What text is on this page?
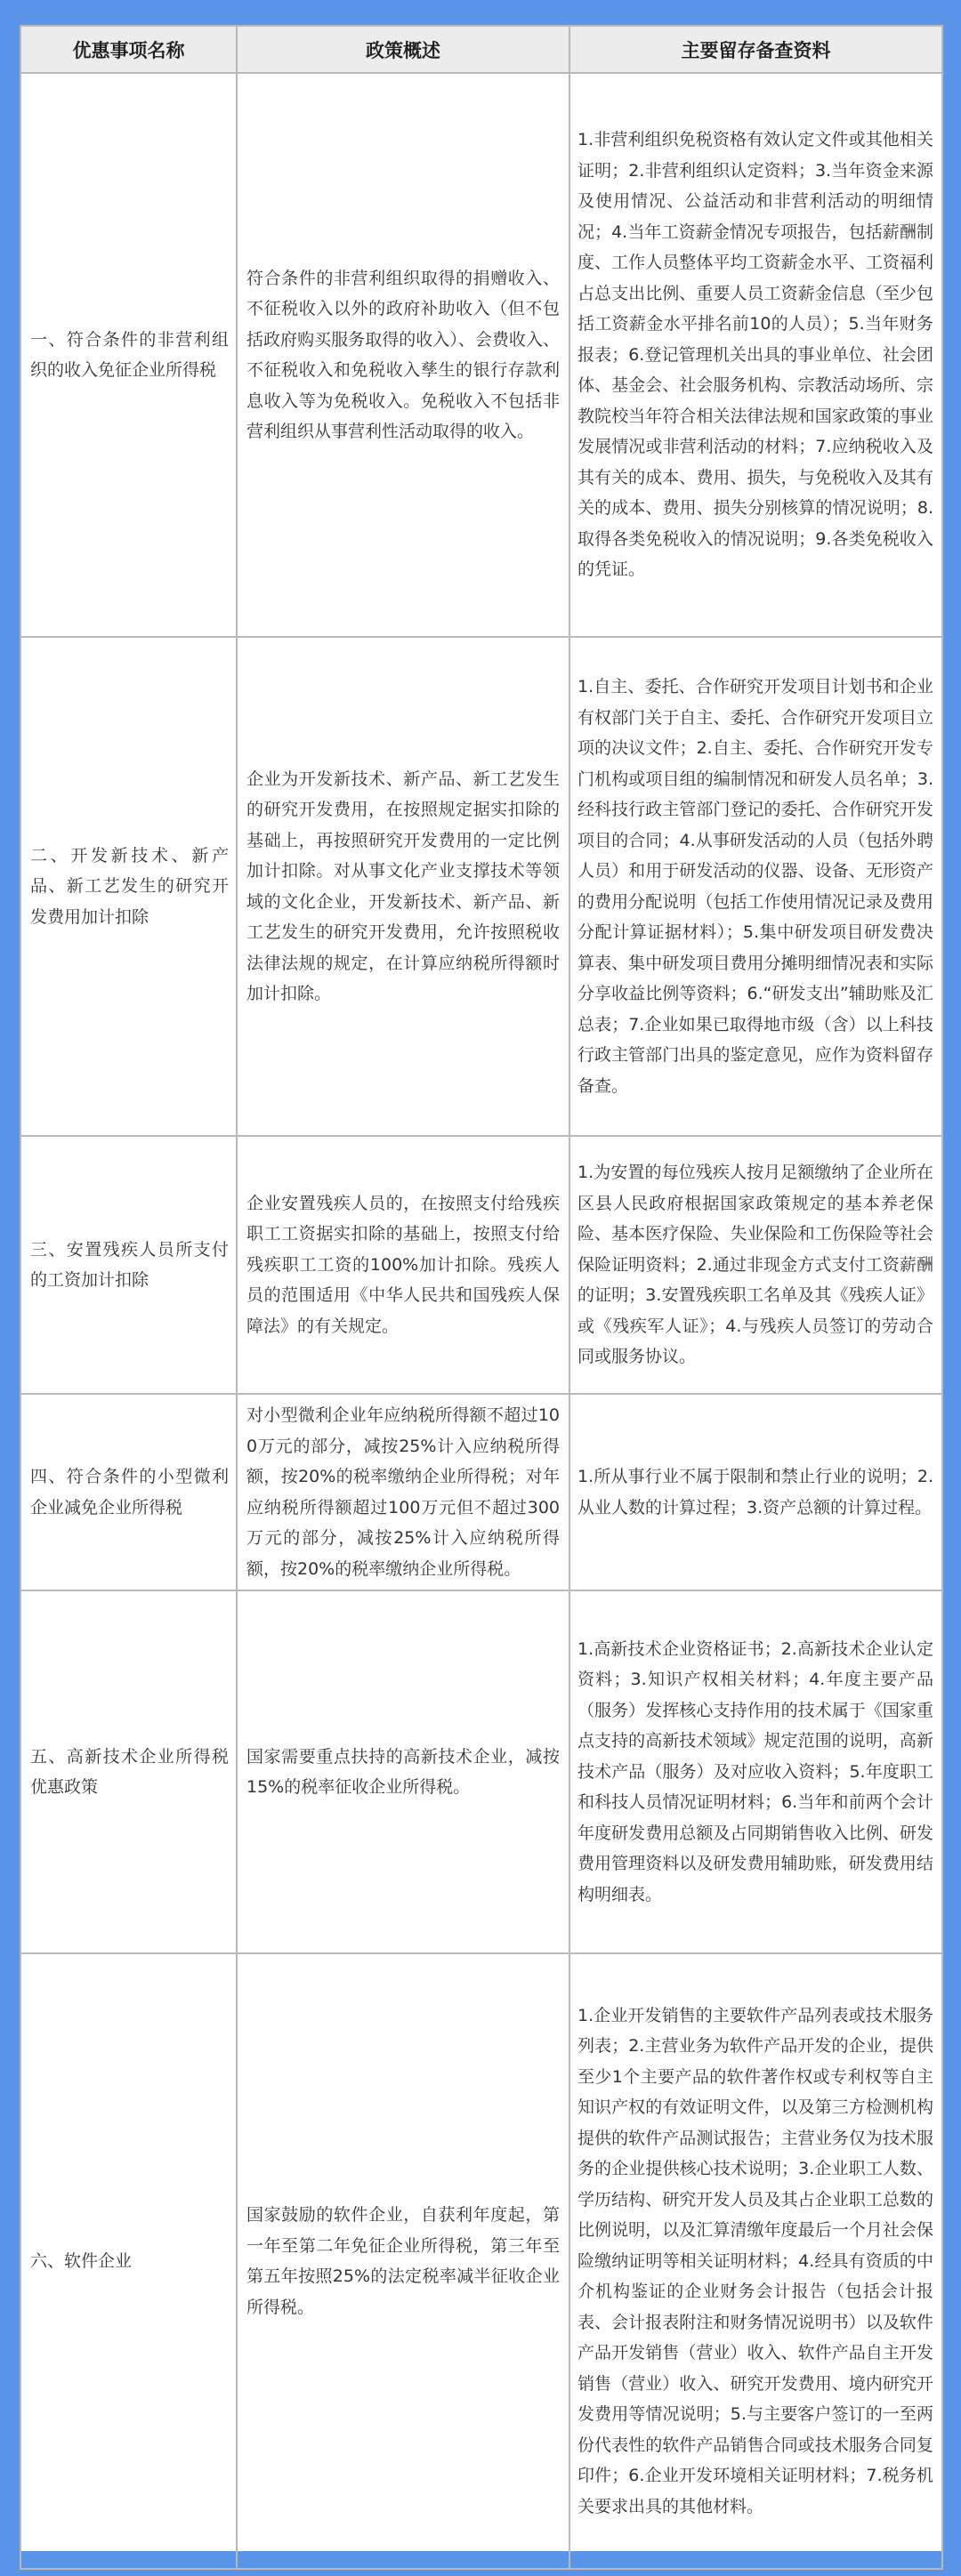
优惠事项名称	政策概述	主要留存备查资料
一、符合条件的非营利组织的收入免征企业所得税	符合条件的非营利组织取得的捐赠收入、不征税收入以外的政府补助收入（但不包括政府购买服务取得的收入）、会费收入、不征税收入和免税收入孳生的银行存款利息收入等为免税收入。免税收入不包括非营利组织从事营利性活动取得的收入。	1.非营利组织免税资格有效认定文件或其他相关证明；2.非营利组织认定资料；3.当年资金来源及使用情况、公益活动和非营利活动的明细情况；4.当年工资薪金情况专项报告，包括薪酬制度、工作人员整体平均工资薪金水平、工资福利占总支出比例、重要人员工资薪金信息（至少包括工资薪金水平排名前10的人员）；5.当年财务报表；6.登记管理机关出具的事业单位、社会团体、基金会、社会服务机构、宗教活动场所、宗教院校当年符合相关法律法规和国家政策的事业发展情况或非营利活动的材料；7.应纳税收入及其有关的成本、费用、损失，与免税收入及其有关的成本、费用、损失分别核算的情况说明；8.取得各类免税收入的情况说明；9.各类免税收入的凭证。
二、开发新技术、新产品、新工艺发生的研究开发费用加计扣除	企业为开发新技术、新产品、新工艺发生的研究开发费用，在按照规定据实扣除的基础上，再按照研究开发费用的一定比例加计扣除。对从事文化产业支撑技术等领域的文化企业，开发新技术、新产品、新工艺发生的研究开发费用，允许按照税收法律法规的规定，在计算应纳税所得额时加计扣除。	1.自主、委托、合作研究开发项目计划书和企业有权部门关于自主、委托、合作研究开发项目立项的决议文件；2.自主、委托、合作研究开发专门机构或项目组的编制情况和研发人员名单；3.经科技行政主管部门登记的委托、合作研究开发项目的合同；4.从事研发活动的人员（包括外聘人员）和用于研发活动的仪器、设备、无形资产的费用分配说明（包括工作使用情况记录及费用分配计算证据材料）；5.集中研发项目研发费决算表、集中研发项目费用分摊明细情况表和实际分享收益比例等资料；6.“研发支出”辅助账及汇总表；7.企业如果已取得地市级（含）以上科技行政主管部门出具的鉴定意见，应作为资料留存备查。
三、安置残疾人员所支付的工资加计扣除	企业安置残疾人员的，在按照支付给残疾职工工资据实扣除的基础上，按照支付给残疾职工工资的100%加计扣除。残疾人员的范围适用《中华人民共和国残疾人保障法》的有关规定。	1.为安置的每位残疾人按月足额缴纳了企业所在区县人民政府根据国家政策规定的基本养老保险、基本医疗保险、失业保险和工伤保险等社会保险证明资料；2.通过非现金方式支付工资薪酬的证明；3.安置残疾职工名单及其《残疾人证》或《残疾军人证》；4.与残疾人员签订的劳动合同或服务协议。
四、符合条件的小型微利企业减免企业所得税	对小型微利企业年应纳税所得额不超过100万元的部分，减按25%计入应纳税所得额，按20%的税率缴纳企业所得税；对年应纳税所得额超过100万元但不超过300万元的部分，减按25%计入应纳税所得额，按20%的税率缴纳企业所得税。	1.所从事行业不属于限制和禁止行业的说明；2.从业人数的计算过程；3.资产总额的计算过程。
五、高新技术企业所得税优惠政策	国家需要重点扶持的高新技术企业，减按15%的税率征收企业所得税。	1.高新技术企业资格证书；2.高新技术企业认定资料；3.知识产权相关材料；4.年度主要产品（服务）发挥核心支持作用的技术属于《国家重点支持的高新技术领域》规定范围的说明，高新技术产品（服务）及对应收入资料；5.年度职工和科技人员情况证明材料；6.当年和前两个会计年度研发费用总额及占同期销售收入比例、研发费用管理资料以及研发费用辅助账，研发费用结构明细表。
六、软件企业	国家鼓励的软件企业，自获利年度起，第一年至第二年免征企业所得税，第三年至第五年按照25%的法定税率减半征收企业所得税。	1.企业开发销售的主要软件产品列表或技术服务列表；2.主营业务为软件产品开发的企业，提供至少1个主要产品的软件著作权或专利权等自主知识产权的有效证明文件，以及第三方检测机构提供的软件产品测试报告；主营业务仅为技术服务的企业提供核心技术说明；3.企业职工人数、学历结构、研究开发人员及其占企业职工总数的比例说明，以及汇算清缴年度最后一个月社会保险缴纳证明等相关证明材料；4.经具有资质的中介机构鉴证的企业财务会计报告（包括会计报表、会计报表附注和财务情况说明书）以及软件产品开发销售（营业）收入、软件产品自主开发销售（营业）收入、研究开发费用、境内研究开发费用等情况说明；5.与主要客户签订的一至两份代表性的软件产品销售合同或技术服务合同复印件；6.企业开发环境相关证明材料；7.税务机关要求出具的其他材料。
